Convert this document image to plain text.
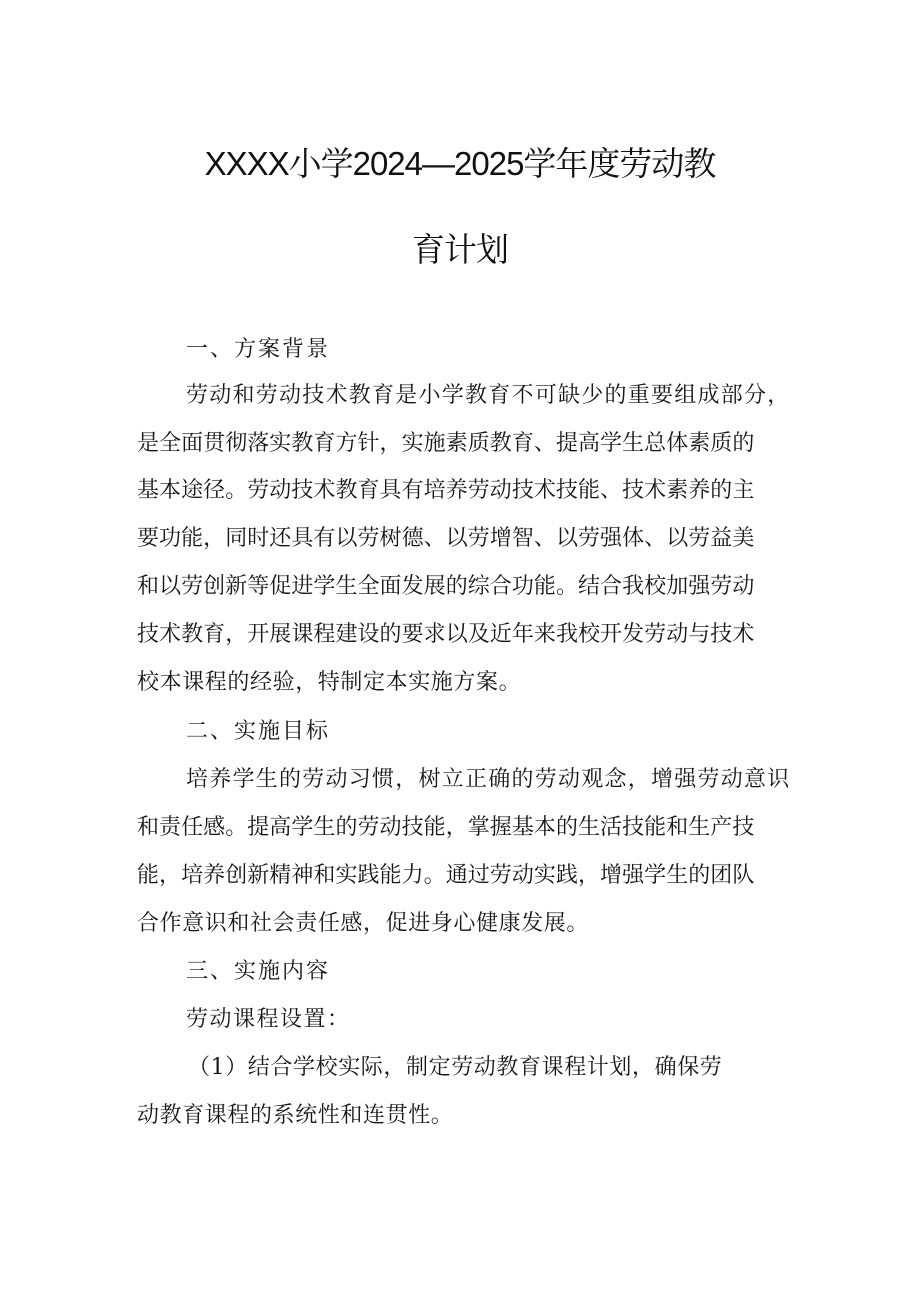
XXXX小学2024—2025学年度劳动教
育计划
一、方案背景
劳动和劳动技术教育是小学教育不可缺少的重要组成部分，
是全面贯彻落实教育方针，实施素质教育、提高学生总体素质的
基本途径。劳动技术教育具有培养劳动技术技能、技术素养的主
要功能，同时还具有以劳树德、以劳增智、以劳强体、以劳益美
和以劳创新等促进学生全面发展的综合功能。结合我校加强劳动
技术教育，开展课程建设的要求以及近年来我校开发劳动与技术
校本课程的经验，特制定本实施方案。
二、实施目标
培养学生的劳动习惯，树立正确的劳动观念，增强劳动意识
和责任感。提高学生的劳动技能，掌握基本的生活技能和生产技
能，培养创新精神和实践能力。通过劳动实践，增强学生的团队
合作意识和社会责任感，促进身心健康发展。
三、实施内容
劳动课程设置：
（1）结合学校实际，制定劳动教育课程计划，确保劳
动教育课程的系统性和连贯性。
